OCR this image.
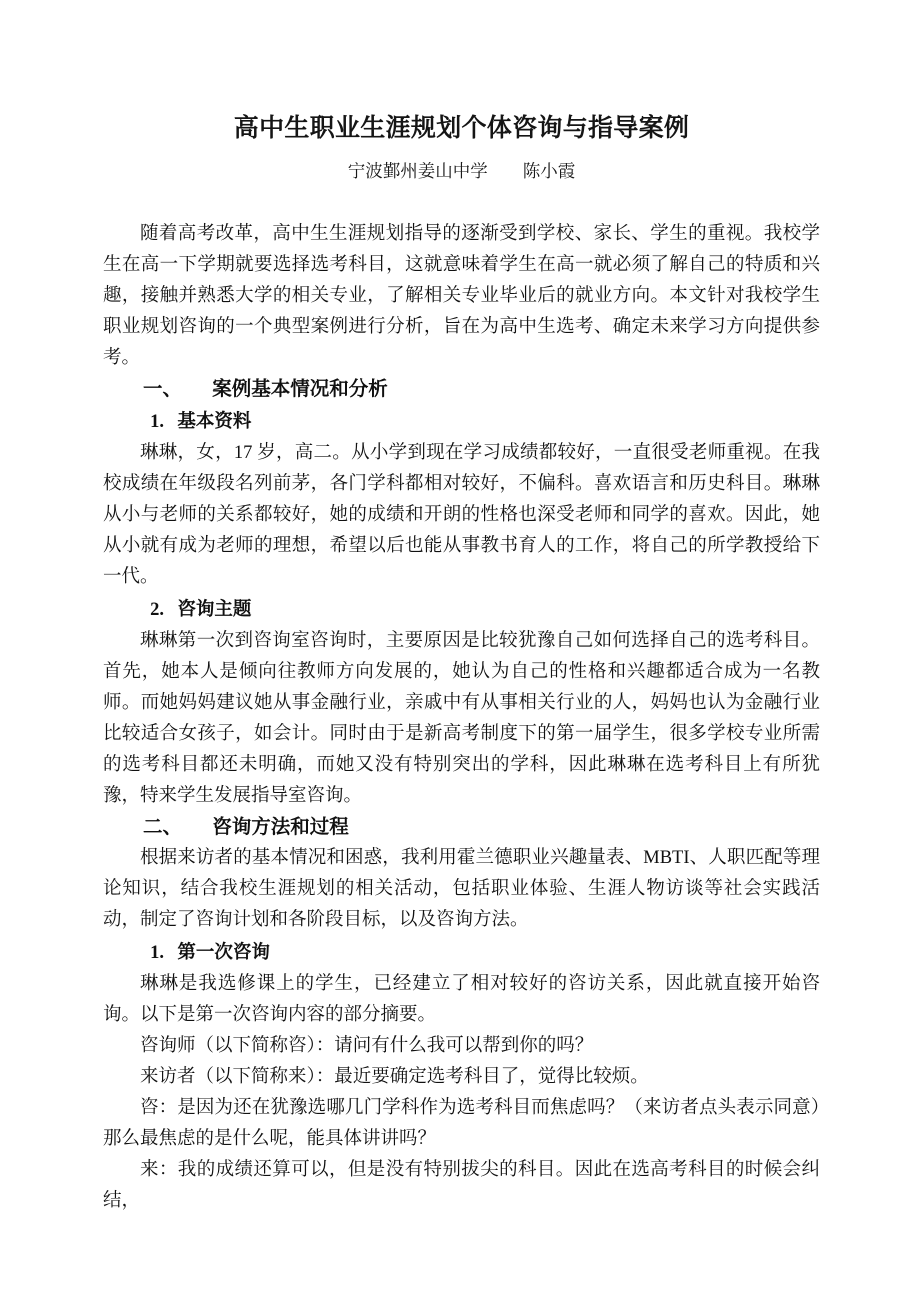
高中生职业生涯规划个体咨询与指导案例
宁波鄞州姜山中学　　陈小霞

随着高考改革，高中生生涯规划指导的逐渐受到学校、家长、学生的重视。我校学生在高一下学期就要选择选考科目，这就意味着学生在高一就必须了解自己的特质和兴趣，接触并熟悉大学的相关专业，了解相关专业毕业后的就业方向。本文针对我校学生职业规划咨询的一个典型案例进行分析，旨在为高中生选考、确定未来学习方向提供参考。

一、 案例基本情况和分析
1. 基本资料

琳琳，女，17 岁，高二。从小学到现在学习成绩都较好，一直很受老师重视。在我校成绩在年级段名列前茅，各门学科都相对较好，不偏科。喜欢语言和历史科目。琳琳从小与老师的关系都较好，她的成绩和开朗的性格也深受老师和同学的喜欢。因此，她从小就有成为老师的理想，希望以后也能从事教书育人的工作，将自己的所学教授给下一代。

2. 咨询主题

琳琳第一次到咨询室咨询时，主要原因是比较犹豫自己如何选择自己的选考科目。首先，她本人是倾向往教师方向发展的，她认为自己的性格和兴趣都适合成为一名教师。而她妈妈建议她从事金融行业，亲戚中有从事相关行业的人，妈妈也认为金融行业比较适合女孩子，如会计。同时由于是新高考制度下的第一届学生，很多学校专业所需的选考科目都还未明确，而她又没有特别突出的学科，因此琳琳在选考科目上有所犹豫，特来学生发展指导室咨询。

二、 咨询方法和过程

根据来访者的基本情况和困惑，我利用霍兰德职业兴趣量表、MBTI、人职匹配等理论知识，结合我校生涯规划的相关活动，包括职业体验、生涯人物访谈等社会实践活动，制定了咨询计划和各阶段目标，以及咨询方法。

1. 第一次咨询

琳琳是我选修课上的学生，已经建立了相对较好的咨访关系，因此就直接开始咨询。以下是第一次咨询内容的部分摘要。

咨询师（以下简称咨）：请问有什么我可以帮到你的吗？

来访者（以下简称来）：最近要确定选考科目了，觉得比较烦。

咨：是因为还在犹豫选哪几门学科作为选考科目而焦虑吗？（来访者点头表示同意）那么最焦虑的是什么呢，能具体讲讲吗？

来：我的成绩还算可以，但是没有特别拔尖的科目。因此在选高考科目的时候会纠结，
